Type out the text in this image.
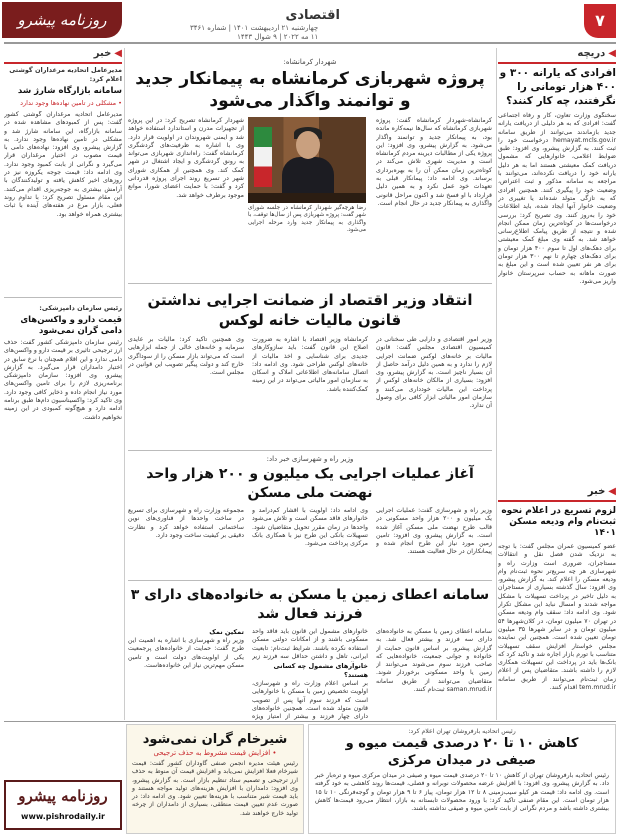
۷
روزنامه پیشرو	اقتصادی
چهارشنبه ۲۱ اردیبهشت ۱۴۰۱ | شماره ۳۴۶۱
۱۱ مه ۲۰۲۲ | ۹ شوال ۱۴۴۳
◀دریچه
افرادی که یارانه ۳۰۰ و ۴۰۰ هزار تومانی را نگرفتند، چه کار کنند؟
سخنگوی وزارت تعاون، کار و رفاه اجتماعی گفت: افرادی که به هر دلیلی از دریافت یارانه جدید بازماندند می‌توانند از طریق سامانه hemayat.mcls.gov.ir درخواست خود را ثبت کنند. به گزارش پیشرو، وی افزود: طبق ضوابط اعلامی، خانوارهایی که مشمول دریافت کمک معیشتی هستند اما به هر دلیل یارانه خود را دریافت نکرده‌اند، می‌توانند با مراجعه به سامانه مذکور و ثبت اعتراض، وضعیت خود را پیگیری کنند. همچنین افرادی که به تازگی متولد شده‌اند یا تغییری در وضعیت خانوار آنها ایجاد شده، باید اطلاعات خود را به‌روز کنند. وی تصریح کرد: بررسی درخواست‌ها در کوتاه‌ترین زمان ممکن انجام شده و نتیجه از طریق پیامک اطلاع‌رسانی خواهد شد. به گفته وی مبلغ کمک معیشتی برای دهک‌های اول تا سوم ۴۰۰ هزار تومان و برای دهک‌های چهارم تا نهم ۳۰۰ هزار تومان برای هر نفر تعیین شده است و این مبلغ به صورت ماهانه به حساب سرپرستان خانوار واریز می‌شود.
◀خبر
لزوم تسریع در اعلام نحوه ثبت‌نام وام ودیعه مسکن ۱۴۰۱
عضو کمیسیون عمران مجلس گفت: با توجه به نزدیک شدن فصل نقل و انتقالات مستاجران، ضروری است وزارت راه و شهرسازی هر چه سریع‌تر نحوه ثبت‌نام وام ودیعه مسکن را اعلام کند. به گزارش پیشرو، وی افزود: سال گذشته بسیاری از مستاجران به دلیل تاخیر در پرداخت تسهیلات با مشکل مواجه شدند و امسال نباید این مشکل تکرار شود. وی ادامه داد: سقف وام ودیعه مسکن در تهران ۷۰ میلیون تومان، در کلان‌شهرها ۵۴ میلیون تومان و در سایر شهرها ۳۵ میلیون تومان تعیین شده است. همچنین این نماینده مجلس خواستار افزایش سقف تسهیلات متناسب با تورم بازار اجاره شد و تاکید کرد که بانک‌ها باید در پرداخت این تسهیلات همکاری لازم را داشته باشند. متقاضیان پس از اعلام زمان ثبت‌نام می‌توانند از طریق سامانه tem.mrud.ir اقدام کنند.
◀خبر
مدیرعامل اتحادیه مرغداران گوشتی اعلام کرد:
سامانه بازارگاه شارژ شد
• مشکلی در تامین نهاده‌ها وجود ندارد
مدیرعامل اتحادیه مرغداران گوشتی کشور گفت: پس از کمبودهای مشاهده شده در سامانه بازارگاه، این سامانه شارژ شد و مشکلی در تامین نهاده‌ها وجود ندارد. به گزارش پیشرو، وی افزود: نهاده‌های دامی با قیمت مصوب در اختیار مرغداران قرار می‌گیرد و نگرانی از بابت کمبود وجود ندارد. وی ادامه داد: قیمت جوجه یکروزه نیز در روزهای اخیر کاهش یافته و تولیدکنندگان با آرامش بیشتری به جوجه‌ریزی اقدام می‌کنند. این مقام مسئول تصریح کرد: با تداوم روند فعلی، بازار مرغ در هفته‌های آینده با ثبات بیشتری همراه خواهد بود.
رئیس سازمان دامپزشکی:
قیمت دارو و واکسن‌های دامی گران نمی‌شود
رئیس سازمان دامپزشکی کشور گفت: حذف ارز ترجیحی تاثیری بر قیمت دارو و واکسن‌های دامی ندارد و این اقلام همچنان با نرخ سابق در اختیار دامداران قرار می‌گیرد. به گزارش پیشرو، وی افزود: سازمان دامپزشکی برنامه‌ریزی لازم را برای تامین واکسن‌های مورد نیاز انجام داده و ذخایر کافی وجود دارد. وی تاکید کرد: واکسیناسیون دام‌ها طبق برنامه ادامه دارد و هیچ‌گونه کمبودی در این زمینه نخواهیم داشت.
شهردار کرمانشاه:
پروژه شهربازی کرمانشاه به پیمانکار جدید و توانمند واگذار می‌شود
کرمانشاه-شهردار کرمانشاه گفت: پروژه شهربازی کرمانشاه که سال‌ها نیمه‌کاره مانده بود، به پیمانکار جدید و توانمند واگذار می‌شود. به گزارش پیشرو، وی افزود: این پروژه یکی از مطالبات دیرینه مردم کرمانشاه است و مدیریت شهری تلاش می‌کند در کوتاه‌ترین زمان ممکن آن را به بهره‌برداری برساند. وی ادامه داد: پیمانکار قبلی به تعهدات خود عمل نکرد و به همین دلیل قرارداد با او فسخ شد و اکنون مراحل قانونی واگذاری به پیمانکار جدید در حال انجام است.
رضا هرچه‌گیر شهردار کرمانشاه در جلسه شورای شهر گفت: پروژه شهربازی پس از سال‌ها توقف، با واگذاری به پیمانکار جدید وارد مرحله اجرایی می‌شود.
شهردار کرمانشاه تصریح کرد: در این پروژه از تجهیزات مدرن و استاندارد استفاده خواهد شد و ایمنی شهروندان در اولویت قرار دارد. وی با اشاره به ظرفیت‌های گردشگری کرمانشاه گفت: راه‌اندازی شهربازی می‌تواند به رونق گردشگری و ایجاد اشتغال در شهر کمک کند. وی همچنین از همکاری شورای شهر در تسریع روند اجرای پروژه قدردانی کرد و گفت: با حمایت اعضای شورا، موانع موجود برطرف خواهد شد.
انتقاد وزیر اقتصاد از ضمانت اجرایی نداشتن قانون مالیات خانه لوکس
وزیر امور اقتصادی و دارایی طی سخنانی در کمیسیون اقتصادی مجلس گفت: قانون مالیات بر خانه‌های لوکس ضمانت اجرایی لازم را ندارد و به همین دلیل درآمد حاصل از آن بسیار ناچیز است. به گزارش پیشرو، وی افزود: بسیاری از مالکان خانه‌های لوکس از پرداخت این مالیات خودداری می‌کنند و سازمان امور مالیاتی ابزار کافی برای وصول آن ندارد.
کرمانشاه وزیر اقتصاد با اشاره به ضرورت اصلاح این قانون گفت: باید سازوکارهای جدیدی برای شناسایی و اخذ مالیات از خانه‌های لوکس طراحی شود. وی ادامه داد: اتصال سامانه‌های اطلاعاتی املاک و اسکان به سازمان امور مالیاتی می‌تواند در این زمینه کمک‌کننده باشد.
وی همچنین تاکید کرد: مالیات بر عایدی سرمایه و خانه‌های خالی از جمله ابزارهایی است که می‌تواند بازار مسکن را از سوداگری خارج کند و دولت پیگیر تصویب این قوانین در مجلس است.
وزیر راه و شهرسازی خبر داد:
آغاز عملیات اجرایی یک میلیون و ۲۰۰ هزار واحد نهضت ملی مسکن
وزیر راه و شهرسازی گفت: عملیات اجرایی یک میلیون و ۲۰۰ هزار واحد مسکونی در قالب طرح نهضت ملی مسکن آغاز شده است. به گزارش پیشرو، وی افزود: تامین زمین مورد نیاز این طرح انجام شده و پیمانکاران در حال فعالیت هستند.
وی ادامه داد: اولویت با اقشار کم‌درآمد و خانوارهای فاقد مسکن است و تلاش می‌شود واحدها در زمان مقرر تحویل متقاضیان شود. تسهیلات بانکی این طرح نیز با همکاری بانک مرکزی پرداخت می‌شود.
مجموعه وزارت راه و شهرسازی برای تسریع در ساخت واحدها از فناوری‌های نوین ساختمانی استفاده خواهد کرد و نظارت دقیقی بر کیفیت ساخت وجود دارد.
سامانه اعطای زمین یا مسکن به خانواده‌های دارای ۳ فرزند فعال شد
سامانه اعطای زمین یا مسکن به خانواده‌های دارای سه فرزند و بیشتر فعال شد. به گزارش پیشرو، بر اساس قانون حمایت از خانواده و جوانی جمعیت، خانواده‌هایی که صاحب فرزند سوم می‌شوند می‌توانند از زمین یا واحد مسکونی برخوردار شوند. متقاضیان می‌توانند از طریق سامانه saman.mrud.ir ثبت‌نام کنند.
خانوارهای مشمول این قانون باید فاقد واحد مسکونی باشند و از امکانات دولتی مسکن استفاده نکرده باشند. شرایط ثبت‌نام: تابعیت ایرانی، تاهل و داشتن حداقل سه فرزند زیر
خانوارهای مشمول چه کسانی هستند؟
بر اساس اعلام وزارت راه و شهرسازی، اولویت تخصیص زمین یا مسکن با خانوارهایی است که فرزند سوم آنها پس از تصویب قانون متولد شده است. همچنین خانواده‌های دارای چهار فرزند و بیشتر از امتیاز ویژه
تمکین نمک
وزیر راه و شهرسازی با اشاره به اهمیت این طرح گفت: حمایت از خانواده‌های پرجمعیت یکی از اولویت‌های دولت است و تامین مسکن مهم‌ترین نیاز این خانواده‌هاست.
روزنامه پیشرو
www.pishrodaily.ir
شیرخام گران نمی‌شود
• افزایش قیمت مشروط به حذف ترجیحی
رئیس هیئت مدیره انجمن صنفی گاوداران کشور گفت: قیمت شیرخام فعلا افزایش نمی‌یابد و افزایش قیمت آن منوط به حذف ارز ترجیحی و تصمیم ستاد تنظیم بازار است. به گزارش پیشرو، وی افزود: دامداران با افزایش هزینه‌های تولید مواجه هستند و باید قیمت شیر متناسب با هزینه‌ها تعیین شود. وی ادامه داد: در صورت عدم تعیین قیمت منطقی، بسیاری از دامداران از چرخه تولید خارج خواهند شد.
رئیس اتحادیه بارفروشان تهران اعلام کرد:
کاهش ۱۰ تا ۲۰ درصدی قیمت میوه و صیفی در میدان مرکزی
رئیس اتحادیه بارفروشان تهران از کاهش ۱۰ تا ۲۰ درصدی قیمت میوه و صیفی در میدان مرکزی میوه و تره‌بار خبر داد. به گزارش پیشرو، وی افزود: با افزایش عرضه محصولات نوبرانه و فصلی، قیمت‌ها روند کاهشی به خود گرفته است. وی ادامه داد: قیمت هر کیلو سیب‌زمینی ۸ تا ۱۲ هزار تومان، پیاز ۶ تا ۹ هزار تومان و گوجه‌فرنگی ۱۰ تا ۱۵ هزار تومان است. این مقام صنفی تاکید کرد: با ورود محصولات تابستانه به بازار، انتظار می‌رود قیمت‌ها کاهش بیشتری داشته باشد و مردم نگرانی از بابت تامین میوه و صیفی نداشته باشند.
